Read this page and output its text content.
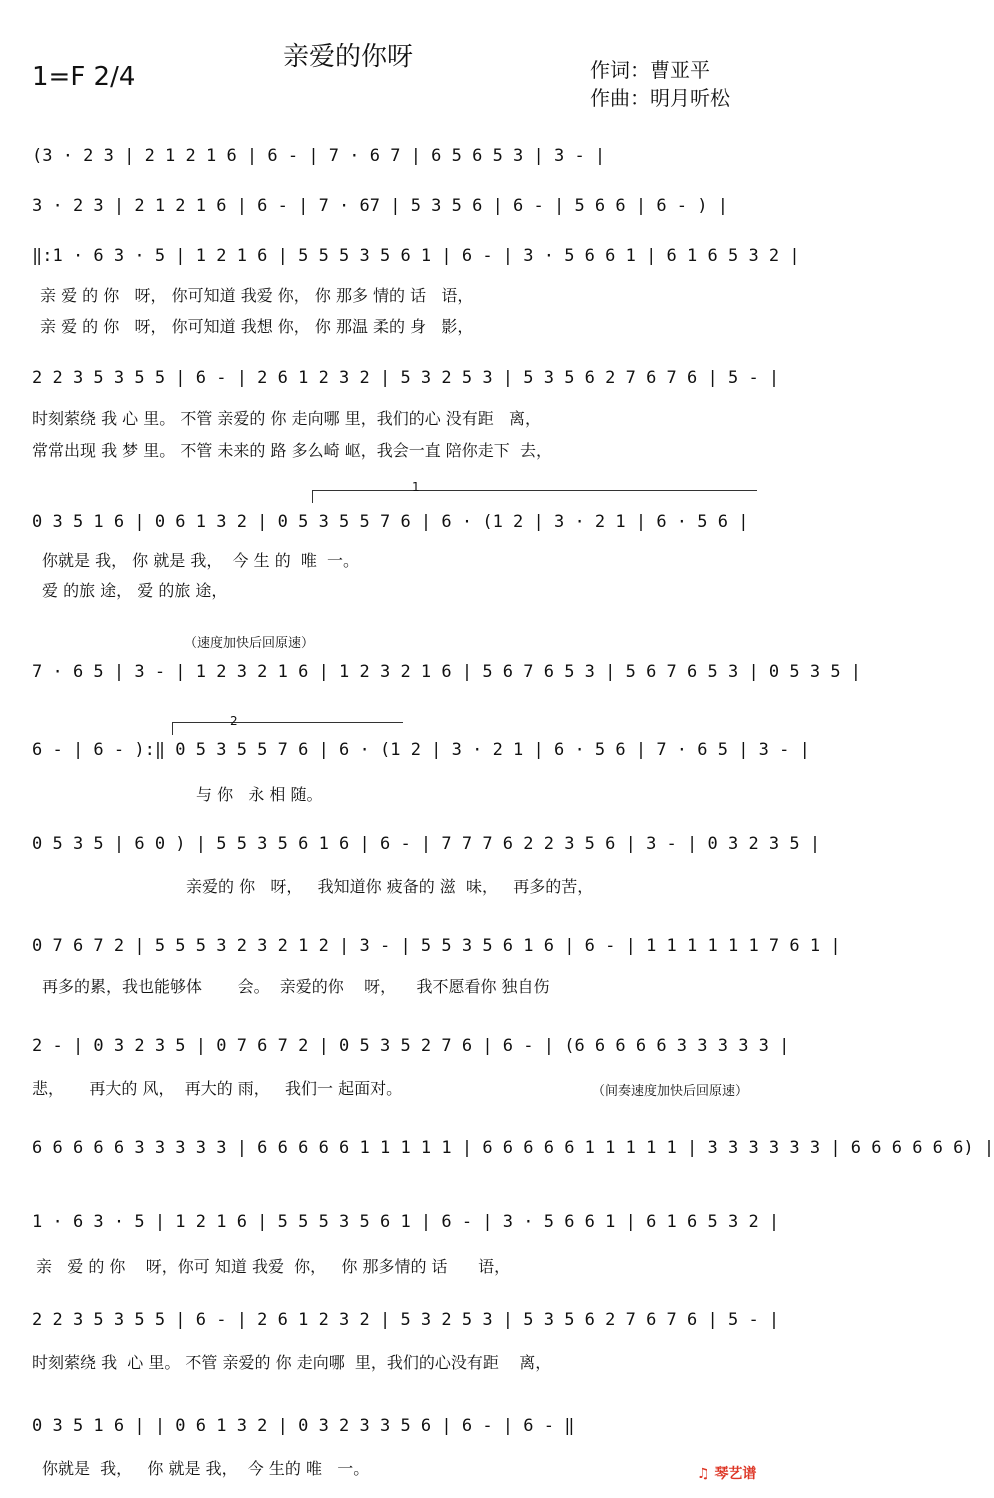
亲爱的你呀
1=F 2/4	作词：曹亚平
作曲：明月听松
1
2
(3 · 2 3 | 2 1 2 1 6 | 6 - | 7 · 6 7 | 6 5 6 5 3 | 3 - |
3 · 2 3 | 2 1 2 1 6 | 6 - | 7 · 67 | 5 3 5 6 | 6 - | 5 6 6 | 6 - ) |
‖:1 · 6 3 · 5 | 1 2 1 6 | 5 5 5 3 5 6 1 | 6 - | 3 · 5 6 6 1 | 6 1 6 5 3 2 |
亲 爱 的 你   呀， 你可知道 我爱 你， 你 那多 情的 话   语，
亲 爱 的 你   呀， 你可知道 我想 你， 你 那温 柔的 身   影，
2 2 3 5 3 5 5 | 6 - | 2 6 1 2 3 2 | 5 3 2 5 3 | 5 3 5 6 2 7 6 7 6 | 5 - |
时刻萦绕 我 心 里。 不管 亲爱的 你 走向哪 里，我们的心 没有距   离，
常常出现 我 梦 里。 不管 未来的 路 多么崎 岖，我会一直 陪你走下  去，
0 3 5 1 6 | 0 6 1 3 2 | 0 5 3 5 5 7 6 | 6 · (1 2 | 3 · 2 1 | 6 · 5 6 |
你就是 我， 你 就是 我，  今 生 的  唯  一。
爱 的旅 途， 爱 的旅 途，
（速度加快后回原速）
7 · 6 5 | 3 - | 1 2 3 2 1 6 | 1 2 3 2 1 6 | 5 6 7 6 5 3 | 5 6 7 6 5 3 | 0 5 3 5 |
6 - | 6 - ):‖ 0 5 3 5 5 7 6 | 6 · (1 2 | 3 · 2 1 | 6 · 5 6 | 7 · 6 5 | 3 - |
与 你   永 相 随。
0 5 3 5 | 6 0 ) | 5 5 3 5 6 1 6 | 6 - | 7 7 7 6 2 2 3 5 6 | 3 - | 0 3 2 3 5 |
亲爱的 你   呀，   我知道你 疲备的 滋  味，   再多的苦，
0 7 6 7 2 | 5 5 5 3 2 3 2 1 2 | 3 - | 5 5 3 5 6 1 6 | 6 - | 1 1 1 1 1 1 7 6 1 |
再多的累，我也能够体       会。  亲爱的你    呀，    我不愿看你 独自伤
2 - | 0 3 2 3 5 | 0 7 6 7 2 | 0 5 3 5 2 7 6 | 6 - | (6 6 6 6 6 3 3 3 3 3 |
悲，     再大的 风，  再大的 雨，   我们一 起面对。	（间奏速度加快后回原速）
6 6 6 6 6 3 3 3 3 3 | 6 6 6 6 6 1 1 1 1 1 | 6 6 6 6 6 1 1 1 1 1 | 3 3 3 3 3 3 | 6 6 6 6 6 6) |
1 · 6 3 · 5 | 1 2 1 6 | 5 5 5 3 5 6 1 | 6 - | 3 · 5 6 6 1 | 6 1 6 5 3 2 |
亲   爱 的 你    呀，你可 知道 我爱  你，   你 那多情的 话      语，
2 2 3 5 3 5 5 | 6 - | 2 6 1 2 3 2 | 5 3 2 5 3 | 5 3 5 6 2 7 6 7 6 | 5 - |
时刻萦绕 我  心 里。 不管 亲爱的 你 走向哪  里，我们的心没有距    离，
0 3 5 1 6 | | 0 6 1 3 2 | 0 3 2 3 3 5 6 | 6 - | 6 - ‖
你就是  我，   你 就是 我，  今 生的 唯   一。	♫ 琴艺谱
